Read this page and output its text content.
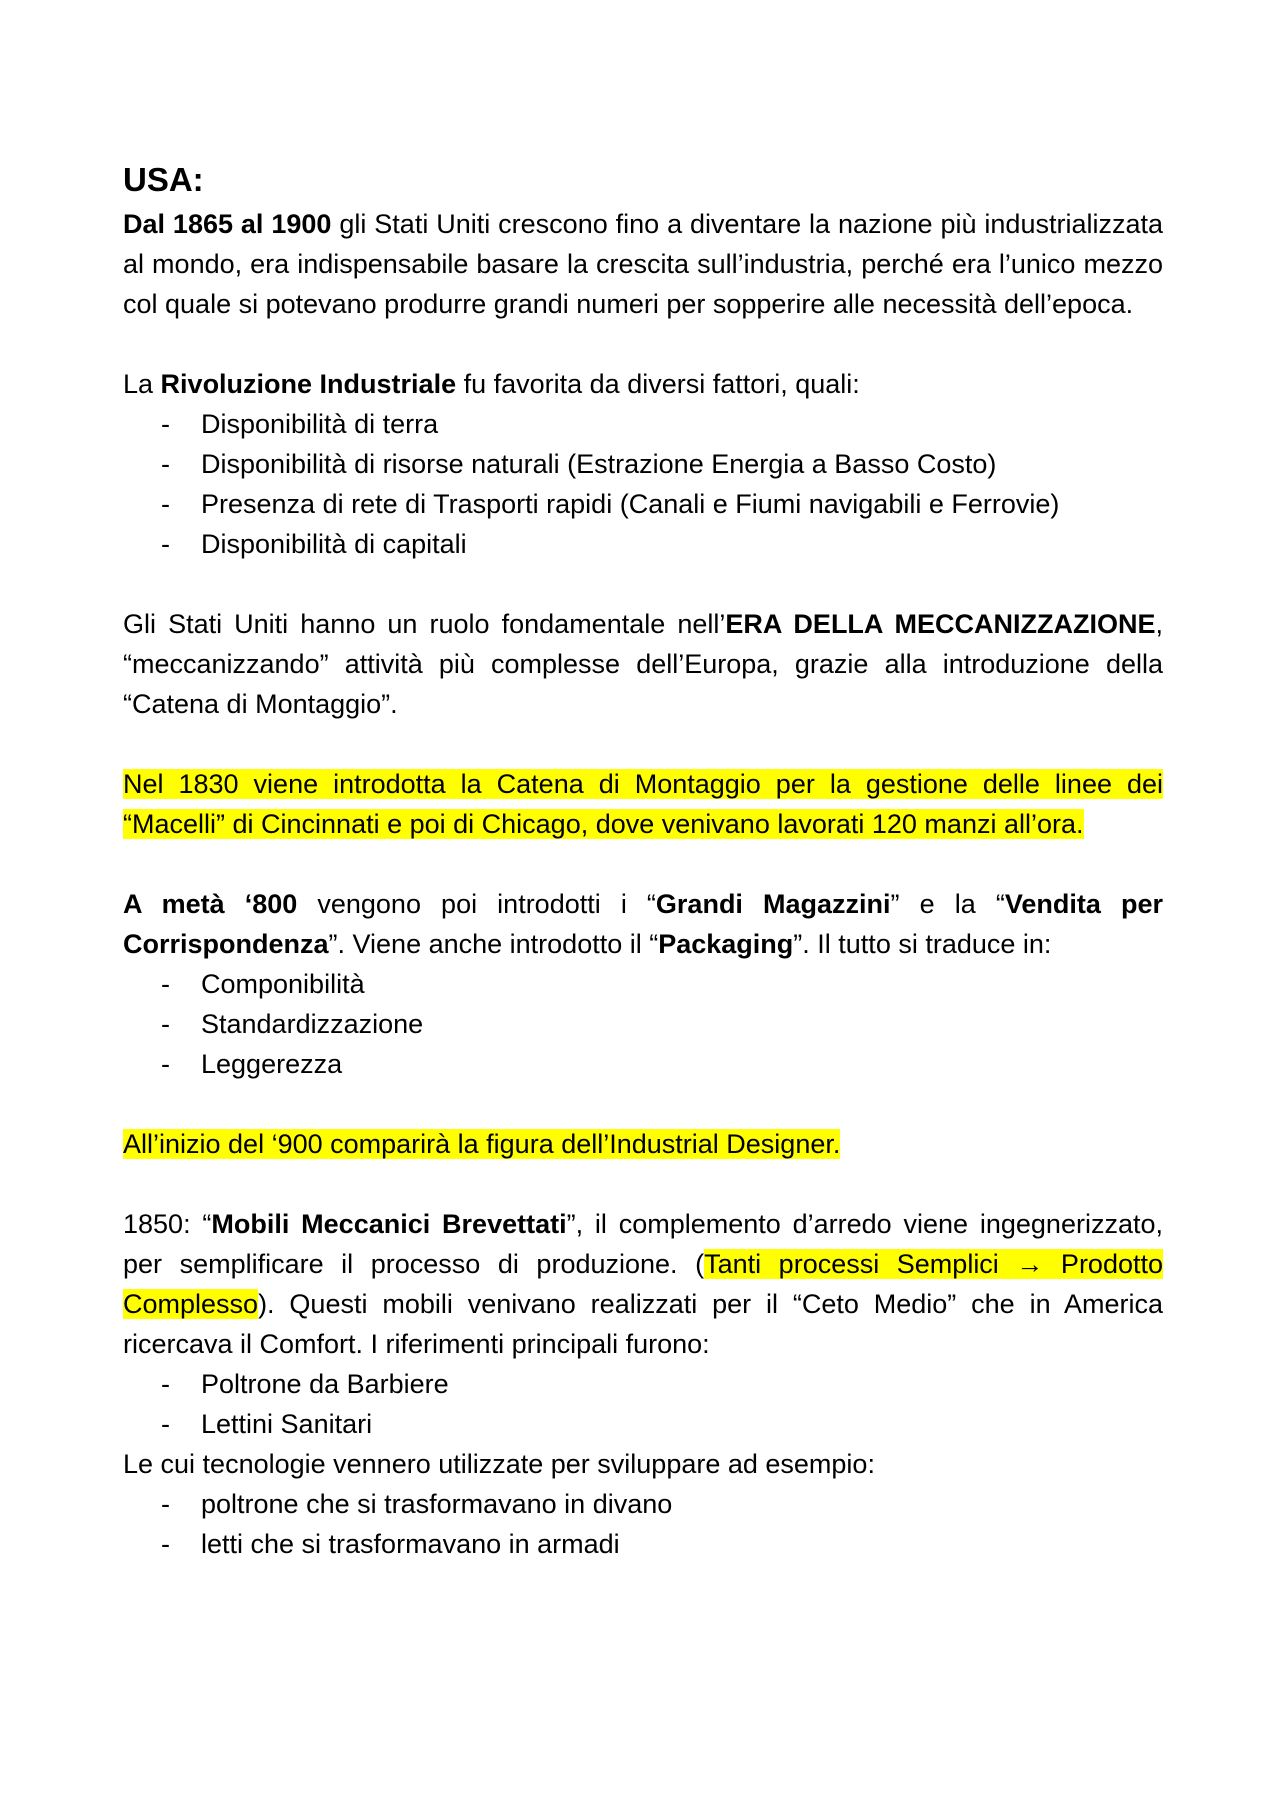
USA:

Dal 1865 al 1900 gli Stati Uniti crescono fino a diventare la nazione più industrializzata al mondo, era indispensabile basare la crescita sull’industria, perché era l’unico mezzo col quale si potevano produrre grandi numeri per sopperire alle necessità dell’epoca.

La Rivoluzione Industriale fu favorita da diversi fattori, quali:

- Disponibilità di terra
- Disponibilità di risorse naturali (Estrazione Energia a Basso Costo)
- Presenza di rete di Trasporti rapidi (Canali e Fiumi navigabili e Ferrovie)
- Disponibilità di capitali

Gli Stati Uniti hanno un ruolo fondamentale nell’ERA DELLA MECCANIZZAZIONE, “meccanizzando” attività più complesse dell’Europa, grazie alla introduzione della “Catena di Montaggio”.

Nel 1830 viene introdotta la Catena di Montaggio per la gestione delle linee dei “Macelli” di Cincinnati e poi di Chicago, dove venivano lavorati 120 manzi all’ora.

A metà ‘800 vengono poi introdotti i “Grandi Magazzini” e la “Vendita per Corrispondenza”. Viene anche introdotto il “Packaging”. Il tutto si traduce in:

- Componibilità
- Standardizzazione
- Leggerezza

All’inizio del ‘900 comparirà la figura dell’Industrial Designer.

1850: “Mobili Meccanici Brevettati”, il complemento d’arredo viene ingegnerizzato, per semplificare il processo di produzione. (Tanti processi Semplici → Prodotto Complesso). Questi mobili venivano realizzati per il “Ceto Medio” che in America ricercava il Comfort. I riferimenti principali furono:

- Poltrone da Barbiere
- Lettini Sanitari

Le cui tecnologie vennero utilizzate per sviluppare ad esempio:

- poltrone che si trasformavano in divano
- letti che si trasformavano in armadi
